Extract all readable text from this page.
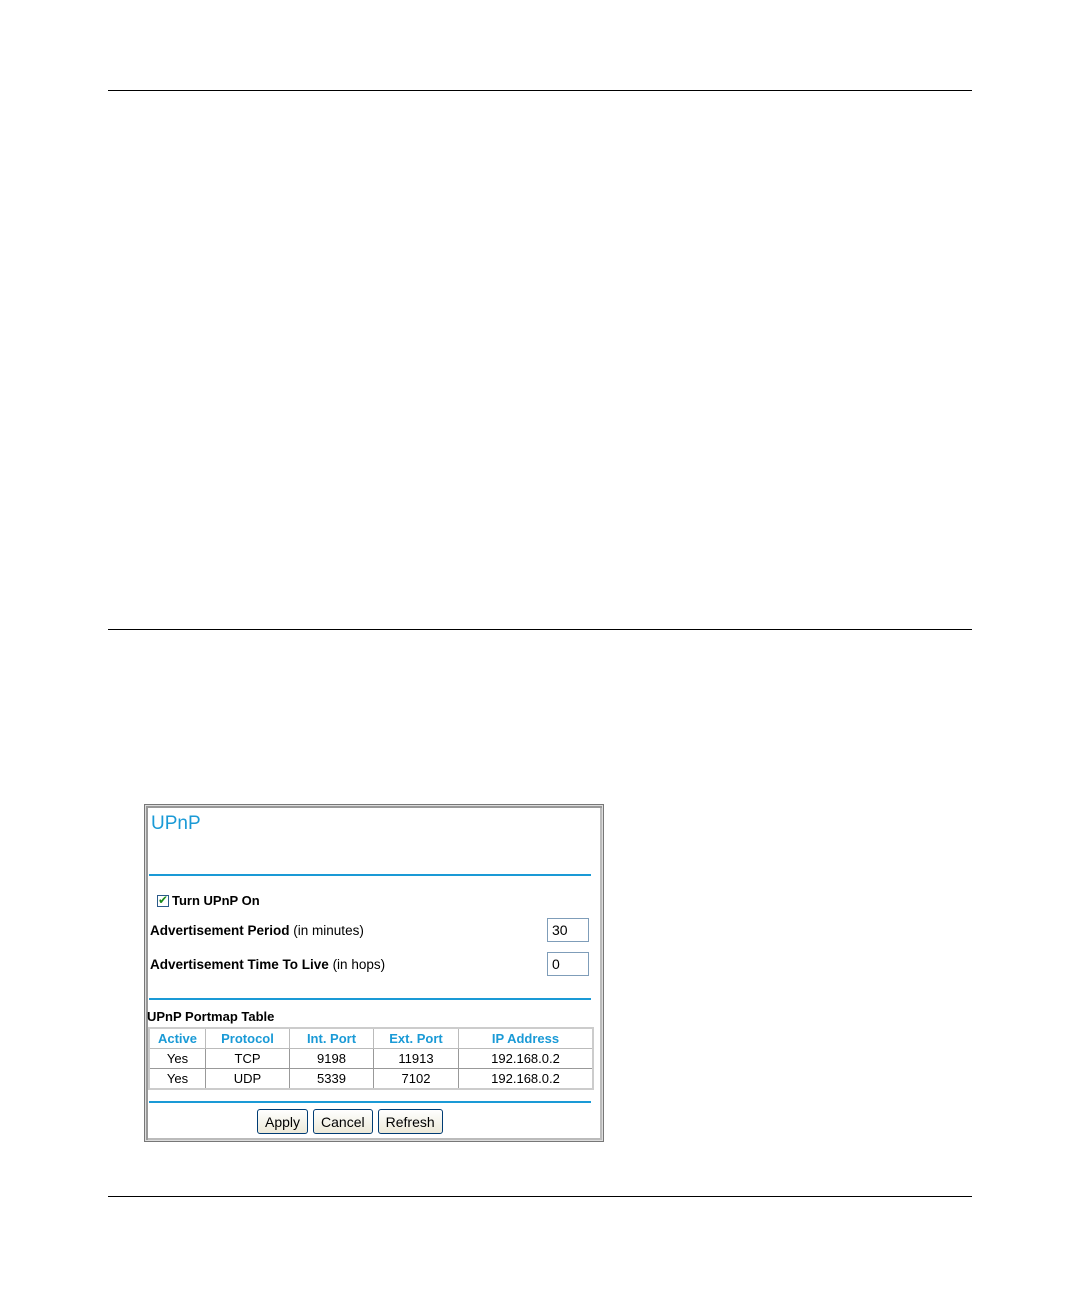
UPnP
✔ Turn UPnP On
Advertisement Period (in minutes)	30
Advertisement Time To Live (in hops)	0
UPnP Portmap Table
Active	Protocol	Int. Port	Ext. Port	IP Address
Yes	TCP	9198	11913	192.168.0.2
Yes	UDP	5339	7102	192.168.0.2
Apply	Cancel	Refresh
